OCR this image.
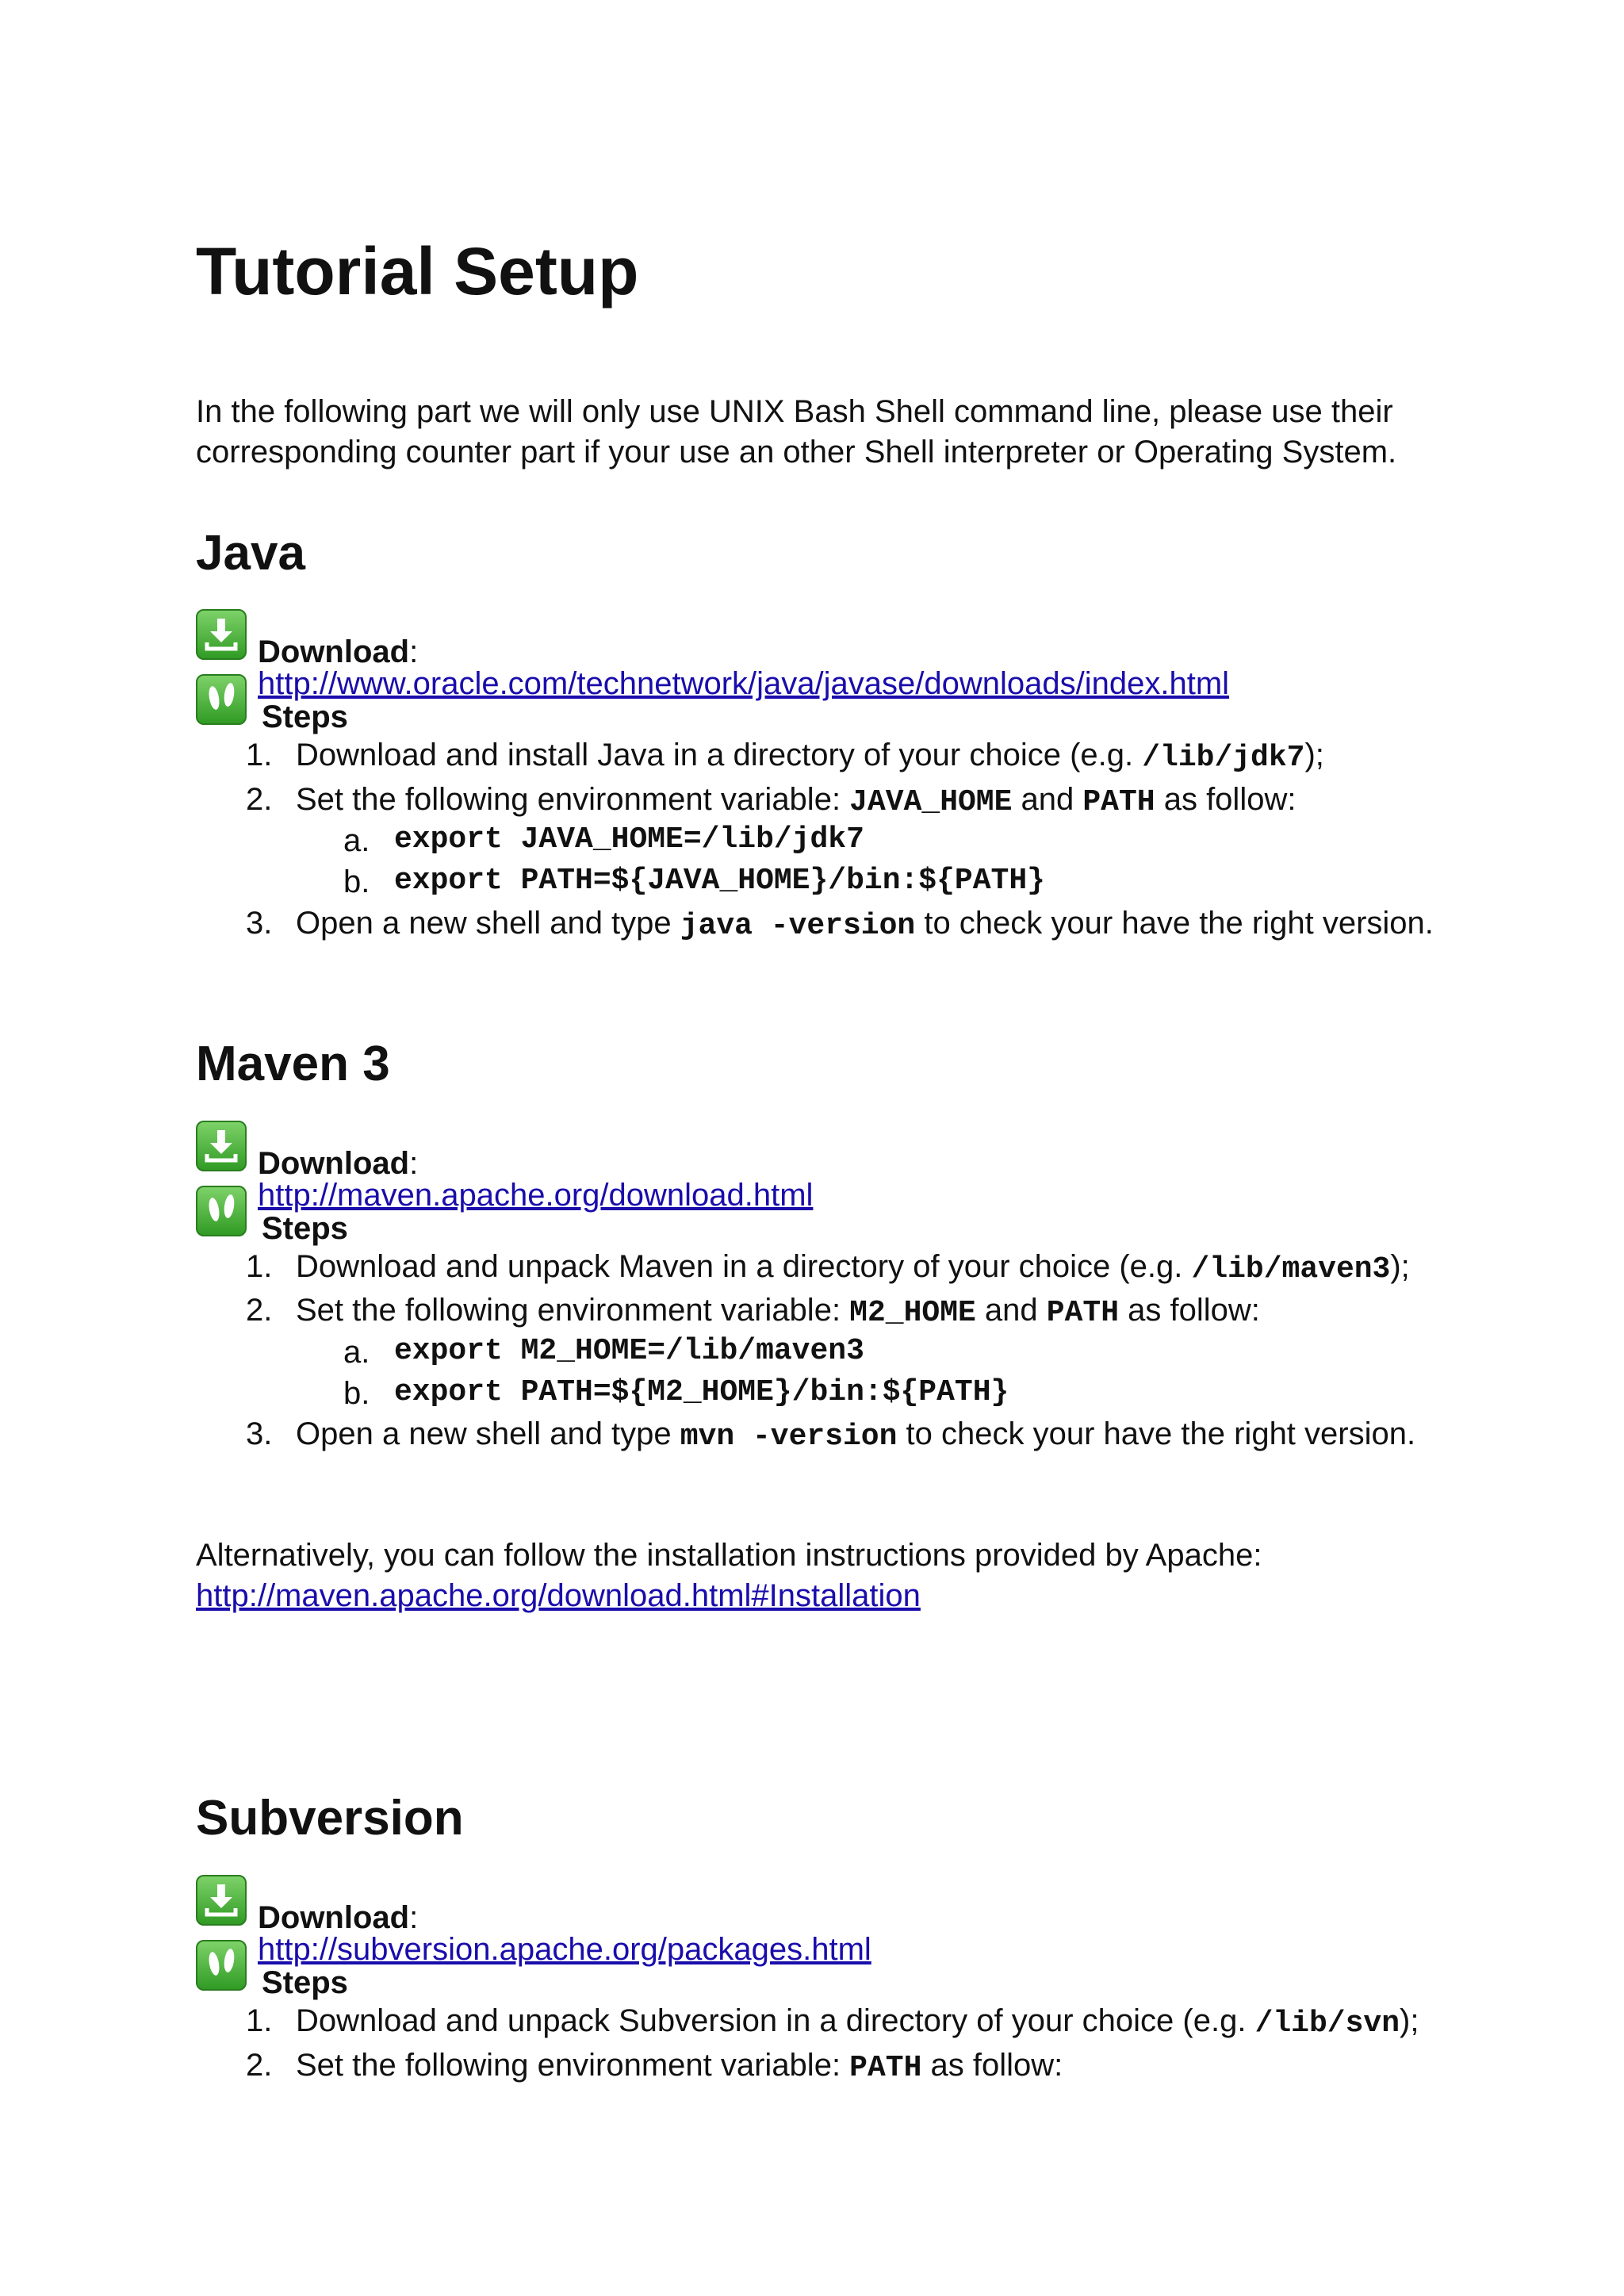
Tutorial Setup

In the following part we will only use UNIX Bash Shell command line, please use their

corresponding counter part if your use an other Shell interpreter or Operating System.

Java
Download: http://www.oracle.com/technetwork/java/javase/downloads/index.html
Steps
1. Download and install Java in a directory of your choice (e.g. /lib/jdk7);
2. Set the following environment variable: JAVA_HOME and PATH as follow:
a. export JAVA_HOME=/lib/jdk7
b. export PATH=${JAVA_HOME}/bin:${PATH}
3. Open a new shell and type java -version to check your have the right version.
Maven 3
Download: http://maven.apache.org/download.html
Steps
1. Download and unpack Maven in a directory of your choice (e.g. /lib/maven3);
2. Set the following environment variable: M2_HOME and PATH as follow:
a. export M2_HOME=/lib/maven3
b. export PATH=${M2_HOME}/bin:${PATH}
3. Open a new shell and type mvn -version to check your have the right version.

Alternatively, you can follow the installation instructions provided by Apache:

http://maven.apache.org/download.html#Installation
Subversion
Download: http://subversion.apache.org/packages.html
Steps
1. Download and unpack Subversion in a directory of your choice (e.g. /lib/svn);
2. Set the following environment variable: PATH as follow:
